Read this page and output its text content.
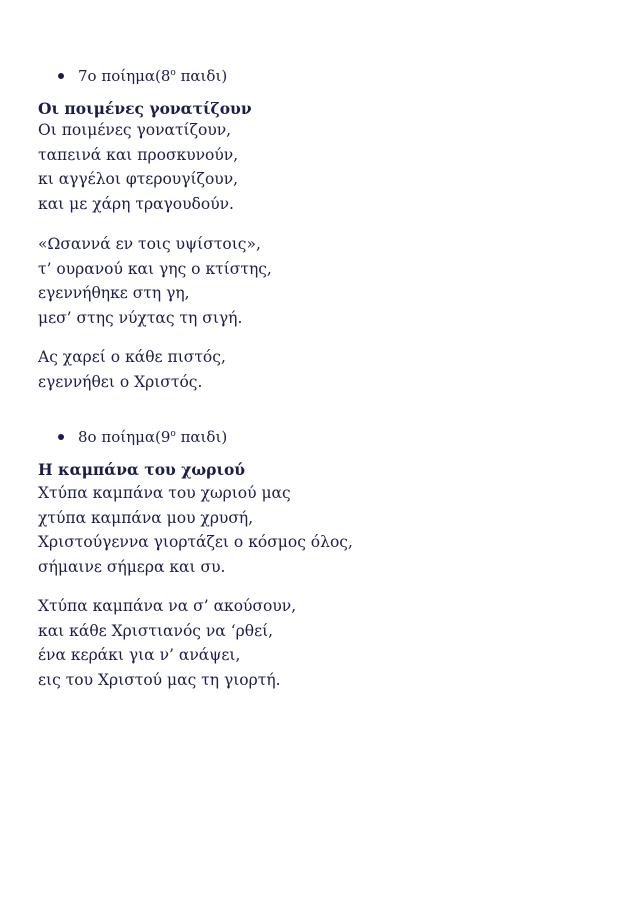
7ο $\pi oί\eta\mu\alpha(8^o$ παιδι)
Οι ποιμένες γονατίζουν
Οι ποιμένες γονατίζουν,
ταπεινά και προσκυνούν,
κι αγγέλοι φτερουγίζουν,
και με χάρη τραγουδούν.
«Ωσαννά εν τοις υψίστοις»,
τ’ ουρανού και γης ο κτίστης,
εγεννήθηκε στη γη,
μεσ’ στης νύχτας τη σιγή.
Ας χαρεί ο κάθε πιστός,
εγεννήθει ο Χριστός.
8ο $\pi oί\eta\mu\alpha(9^o$ παιδι)
Η καμπάνα του χωριού
Χτύπα καμπάνα του χωριού μας
χτύπα καμπάνα μου χρυσή,
Χριστούγεννα γιορτάζει ο κόσμος όλος,
σήμαινε σήμερα και συ.
Χτύπα καμπάνα να σ’ ακούσουν,
και κάθε Χριστιανός να ‘ρθεί,
ένα κεράκι για ν’ ανάψει,
εις του Χριστού μας τη γιορτή.
